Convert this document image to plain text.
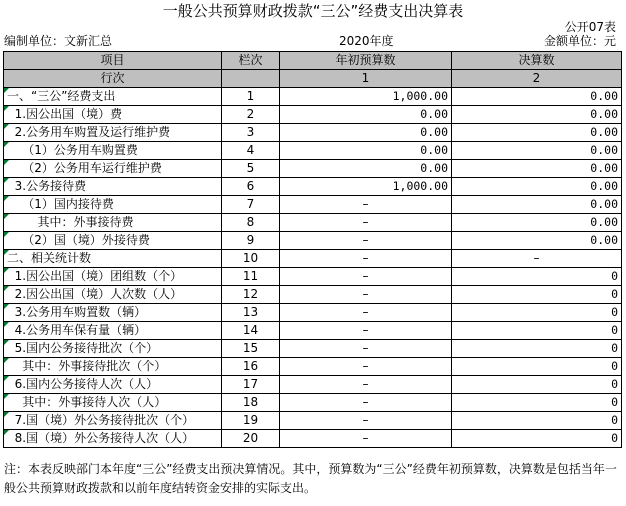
一般公共预算财政拨款“三公”经费支出决算表
公开07表
编制单位：文新汇总	2020年度	金额单位：元
项目	栏次	年初预算数	决算数
行次		1	2
一、“三公”经费支出	1	1,000.00	0.00
1.因公出国（境）费	2	0.00	0.00
2.公务用车购置及运行维护费	3	0.00	0.00
（1）公务用车购置费	4	0.00	0.00
（2）公务用车运行维护费	5	0.00	0.00
3.公务接待费	6	1,000.00	0.00
（1）国内接待费	7	–	0.00
其中：外事接待费	8	–	0.00
（2）国（境）外接待费	9	–	0.00
二、相关统计数	10	–	–
1.因公出国（境）团组数（个）	11	–	0
2.因公出国（境）人次数（人）	12	–	0
3.公务用车购置数（辆）	13	–	0
4.公务用车保有量（辆）	14	–	0
5.国内公务接待批次（个）	15	–	0
其中：外事接待批次（个）	16	–	0
6.国内公务接待人次（人）	17	–	0
其中：外事接待人次（人）	18	–	0
7.国（境）外公务接待批次（个）	19	–	0
8.国（境）外公务接待人次（人）	20	–	0
注：本表反映部门本年度“三公”经费支出预决算情况。其中，预算数为“三公”经费年初预算数，决算数是包括当年一般公共预算财政拨款和以前年度结转资金安排的实际支出。
